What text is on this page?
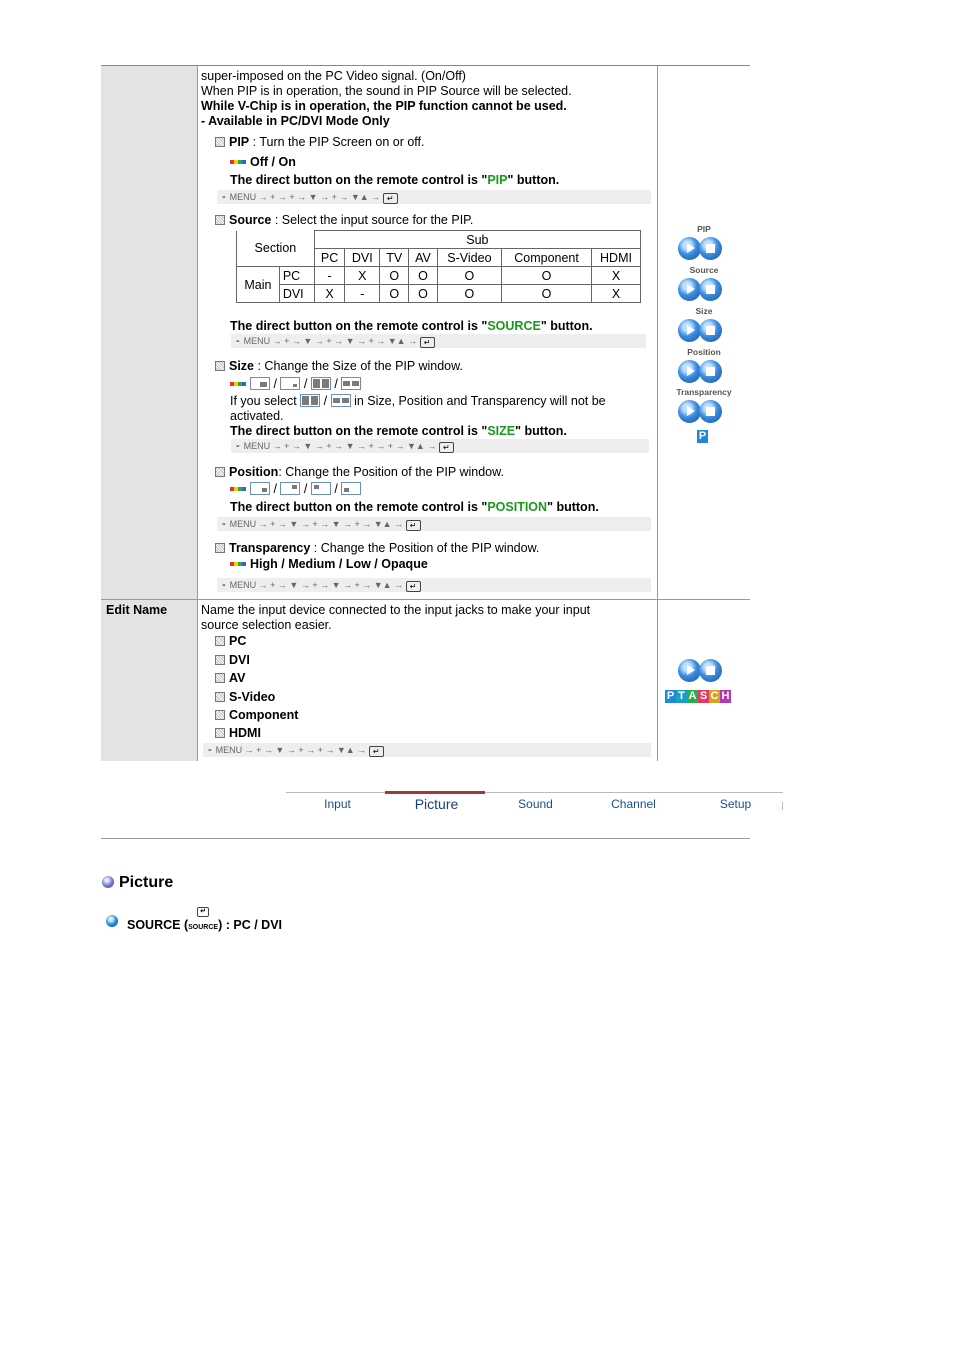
super-imposed on the PC Video signal. (On/Off)
When PIP is in operation, the sound in PIP Source will be selected.
While V-Chip is in operation, the PIP function cannot be used.
- Available in PC/DVI Mode Only
PIP : Turn the PIP Screen on or off.
Off / On
The direct button on the remote control is "PIP" button.
- MENU → + → + → ▼ → + → ▼▲ → ↵
Source : Select the input source for the PIP.
Section		Sub						
		PC	DVI	TV	AV	S-Video	Component	HDMI
Main	PC	-	X	O	O	O	O	X
	DVI	X	-	O	O	O	O	X
The direct button on the remote control is "SOURCE" button.
- MENU → + → ▼ → + → ▼ → + → ▼▲ → ↵
Size : Change the Size of the PIP window.
/
/
/
If you select
/
in Size, Position and Transparency will not be
activated.
The direct button on the remote control is "SIZE" button.
- MENU → + → ▼ → + → ▼ → + → + → ▼▲ → ↵
Position: Change the Position of the PIP window.
/
/
/
The direct button on the remote control is "POSITION" button.
- MENU → + → ▼ → + → ▼ → + → ▼▲ → ↵
Transparency : Change the Position of the PIP window.
High / Medium / Low / Opaque
- MENU → + → ▼ → + → ▼ → + → ▼▲ → ↵
PIP
Source
Size
Position
Transparency
P
Edit Name	Name the input device connected to the input jacks to make your input
source selection easier.
PC
DVI
AV
S-Video
Component
HDMI
- MENU → + → ▼ → + → + → ▼▲ → ↵
P T A S C H
Input	Picture	Sound	Channel	Setup
Picture
SOURCE (
↵
SOURCE) : PC / DVI
